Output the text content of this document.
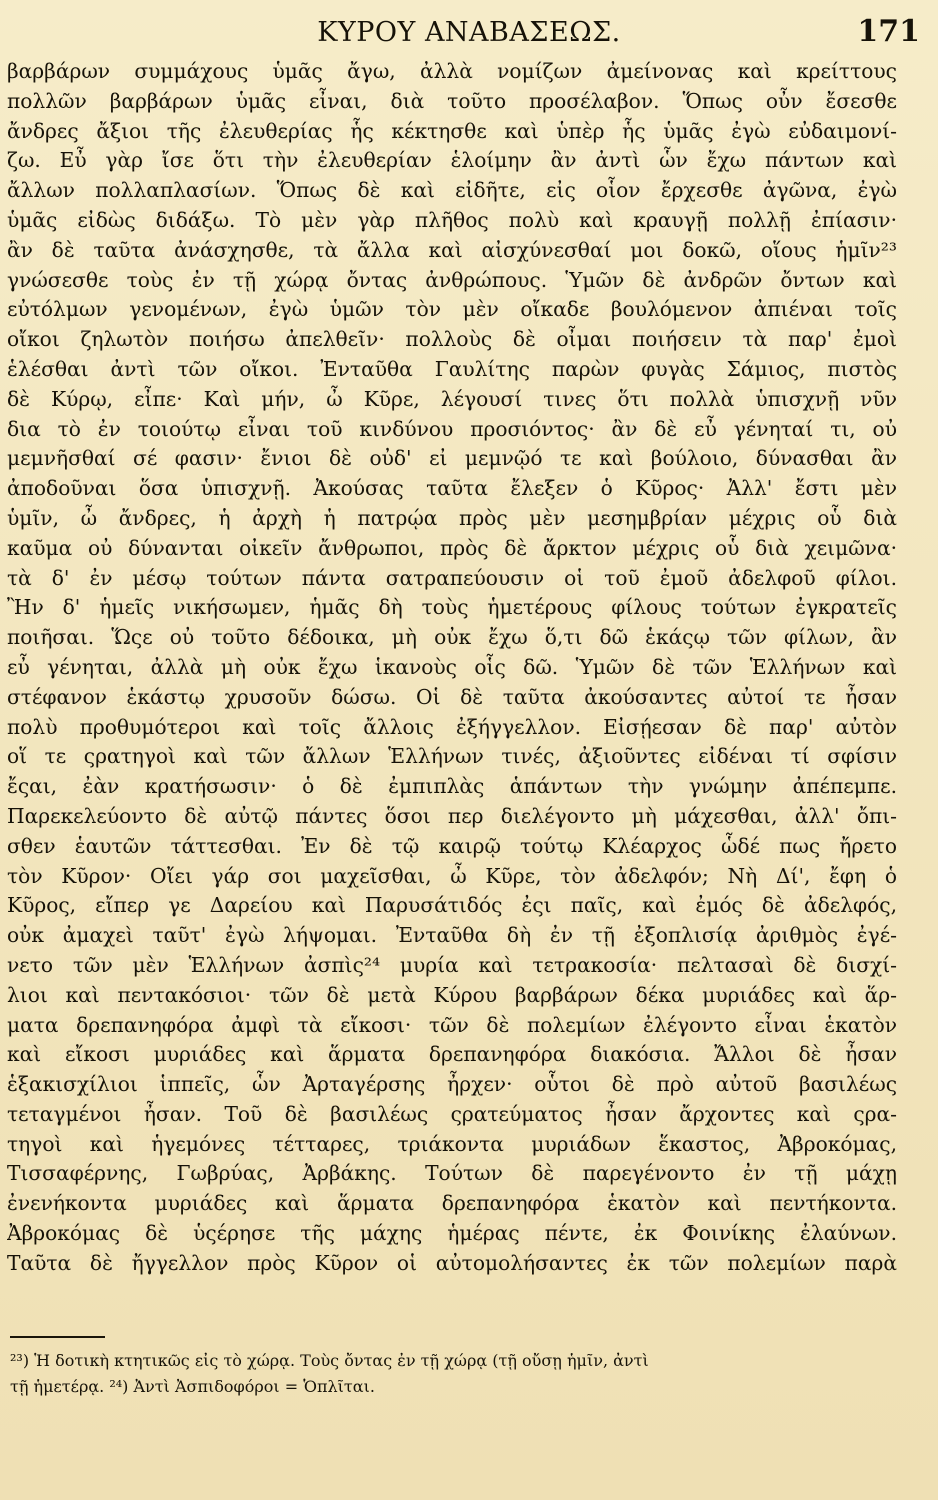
ΚΥΡΟΥ ΑΝΑΒΑΣΕΩΣ.	171
βαρβάρων συμμάχους ὑμᾶς ἄγω, ἀλλὰ νομίζων ἀμείνονας καὶ κρείττους
πολλῶν βαρβάρων ὑμᾶς εἶναι, διὰ τοῦτο προσέλαβον. Ὅπως οὖν ἔσεσθε
ἄνδρες ἄξιοι τῆς ἐλευθερίας ἧς κέκτησθε καὶ ὑπὲρ ἧς ὑμᾶς ἐγὼ εὐδαιμονί-
ζω. Εὖ γὰρ ἴσε ὅτι τὴν ἐλευθερίαν ἑλοίμην ἂν ἀντὶ ὧν ἔχω πάντων καὶ
ἄλλων πολλαπλασίων. Ὅπως δὲ καὶ εἰδῆτε, εἰς οἷον ἔρχεσθε ἀγῶνα, ἐγὼ
ὑμᾶς εἰδὼς διδάξω. Τὸ μὲν γὰρ πλῆθος πολὺ καὶ κραυγῇ πολλῇ ἐπίασιν·
ἂν δὲ ταῦτα ἀνάσχησθε, τὰ ἄλλα καὶ αἰσχύνεσθαί μοι δοκῶ, οἵους ἡμῖν²³
γνώσεσθε τοὺς ἐν τῇ χώρᾳ ὄντας ἀνθρώπους. Ὑμῶν δὲ ἀνδρῶν ὄντων καὶ
εὐτόλμων γενομένων, ἐγὼ ὑμῶν τὸν μὲν οἴκαδε βουλόμενον ἀπιέναι τοῖς
οἴκοι ζηλωτὸν ποιήσω ἀπελθεῖν· πολλοὺς δὲ οἶμαι ποιήσειν τὰ παρ' ἐμοὶ
ἑλέσθαι ἀντὶ τῶν οἴκοι. Ἐνταῦθα Γαυλίτης παρὼν φυγὰς Σάμιος, πιστὸς
δὲ Κύρῳ, εἶπε· Καὶ μήν, ὦ Κῦρε, λέγουσί τινες ὅτι πολλὰ ὑπισχνῇ νῦν
δια τὸ ἐν τοιούτῳ εἶναι τοῦ κινδύνου προσιόντος· ἂν δὲ εὖ γένηταί τι, οὐ
μεμνῆσθαί σέ φασιν· ἔνιοι δὲ οὐδ' εἰ μεμνῷό τε καὶ βούλοιο, δύνασθαι ἂν
ἀποδοῦναι ὅσα ὑπισχνῇ. Ἀκούσας ταῦτα ἔλεξεν ὁ Κῦρος· Ἀλλ' ἔστι μὲν
ὑμῖν, ὦ ἄνδρες, ἡ ἀρχὴ ἡ πατρῴα πρὸς μὲν μεσημβρίαν μέχρις οὗ διὰ
καῦμα οὐ δύνανται οἰκεῖν ἄνθρωποι, πρὸς δὲ ἄρκτον μέχρις οὗ διὰ χειμῶνα·
τὰ δ' ἐν μέσῳ τούτων πάντα σατραπεύουσιν οἱ τοῦ ἐμοῦ ἀδελφοῦ φίλοι.
Ἢν δ' ἡμεῖς νικήσωμεν, ἡμᾶς δὴ τοὺς ἡμετέρους φίλους τούτων ἐγκρατεῖς
ποιῆσαι. Ὥςε οὐ τοῦτο δέδοικα, μὴ οὐκ ἔχω ὅ,τι δῶ ἑκάςῳ τῶν φίλων, ἂν
εὖ γένηται, ἀλλὰ μὴ οὐκ ἔχω ἱκανοὺς οἷς δῶ. Ὑμῶν δὲ τῶν Ἑλλήνων καὶ
στέφανον ἑκάστῳ χρυσοῦν δώσω. Οἱ δὲ ταῦτα ἀκούσαντες αὐτοί τε ἦσαν
πολὺ προθυμότεροι καὶ τοῖς ἄλλοις ἐξήγγελλον. Εἰσῄεσαν δὲ παρ' αὐτὸν
οἵ τε ςρατηγοὶ καὶ τῶν ἄλλων Ἑλλήνων τινές, ἀξιοῦντες εἰδέναι τί σφίσιν
ἔςαι, ἐὰν κρατήσωσιν· ὁ δὲ ἐμπιπλὰς ἁπάντων τὴν γνώμην ἀπέπεμπε.
Παρεκελεύοντο δὲ αὐτῷ πάντες ὅσοι περ διελέγοντο μὴ μάχεσθαι, ἀλλ' ὄπι-
σθεν ἑαυτῶν τάττεσθαι. Ἐν δὲ τῷ καιρῷ τούτῳ Κλέαρχος ὧδέ πως ἤρετο
τὸν Κῦρον· Οἴει γάρ σοι μαχεῖσθαι, ὦ Κῦρε, τὸν ἀδελφόν; Νὴ Δί', ἔφη ὁ
Κῦρος, εἴπερ γε Δαρείου καὶ Παρυσάτιδός ἐςι παῖς, καὶ ἐμός δὲ ἀδελφός,
οὐκ ἀμαχεὶ ταῦτ' ἐγὼ λήψομαι. Ἐνταῦθα δὴ ἐν τῇ ἐξοπλισίᾳ ἀριθμὸς ἐγέ-
νετο τῶν μὲν Ἑλλήνων ἀσπὶς²⁴ μυρία καὶ τετρακοσία· πελτασαὶ δὲ δισχί-
λιοι καὶ πεντακόσιοι· τῶν δὲ μετὰ Κύρου βαρβάρων δέκα μυριάδες καὶ ἅρ-
ματα δρεπανηφόρα ἀμφὶ τὰ εἴκοσι· τῶν δὲ πολεμίων ἐλέγοντο εἶναι ἑκατὸν
καὶ εἴκοσι μυριάδες καὶ ἅρματα δρεπανηφόρα διακόσια. Ἄλλοι δὲ ἦσαν
ἑξακισχίλιοι ἱππεῖς, ὧν Ἀρταγέρσης ἦρχεν· οὗτοι δὲ πρὸ αὐτοῦ βασιλέως
τεταγμένοι ἦσαν. Τοῦ δὲ βασιλέως ςρατεύματος ἦσαν ἄρχοντες καὶ ςρα-
τηγοὶ καὶ ἡγεμόνες τέτταρες, τριάκοντα μυριάδων ἕκαστος, Ἀβροκόμας,
Τισσαφέρνης, Γωβρύας, Ἀρβάκης. Τούτων δὲ παρεγένοντο ἐν τῇ μάχῃ
ἐνενήκοντα μυριάδες καὶ ἅρματα δρεπανηφόρα ἑκατὸν καὶ πεντήκοντα.
Ἀβροκόμας δὲ ὑςέρησε τῆς μάχης ἡμέρας πέντε, ἐκ Φοινίκης ἐλαύνων.
Ταῦτα δὲ ἤγγελλον πρὸς Κῦρον οἱ αὐτομολήσαντες ἐκ τῶν πολεμίων παρὰ
²³) Ἡ δοτικὴ κτητικῶς εἰς τὸ χώρᾳ. Τοὺς ὄντας ἐν τῇ χώρᾳ (τῇ οὔσῃ ἡμῖν, ἀντὶ
τῇ ἡμετέρᾳ. ²⁴) Ἀντὶ Ἀσπιδοφόροι = Ὁπλῖται.
